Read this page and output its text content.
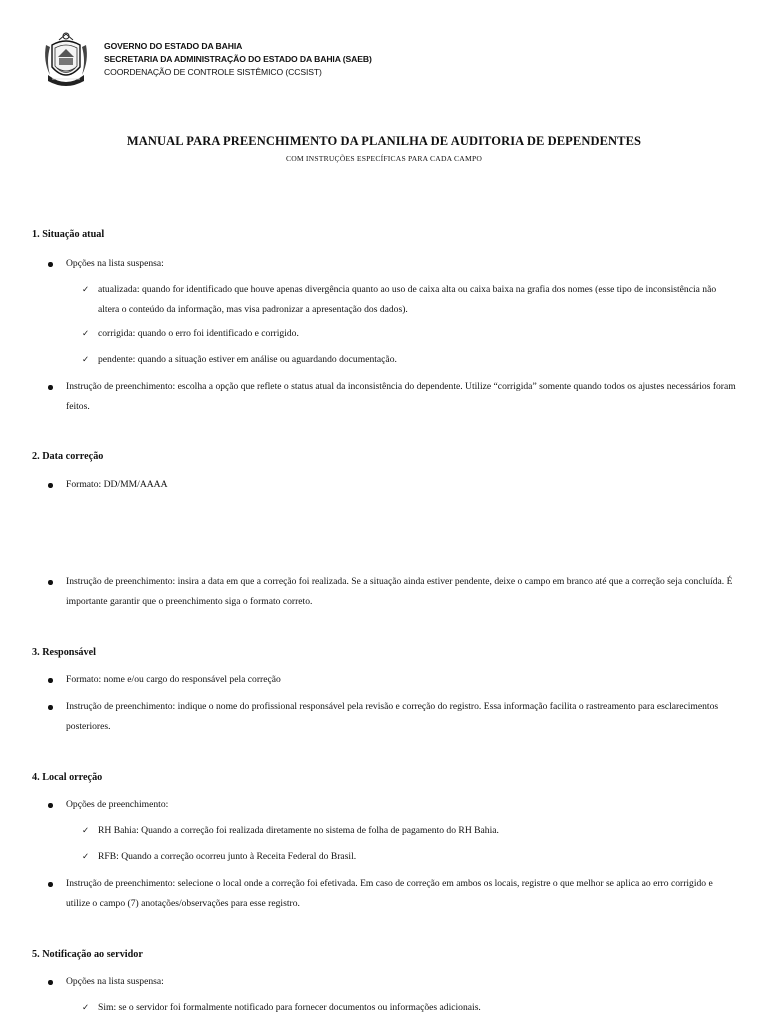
GOVERNO DO ESTADO DA BAHIA
SECRETARIA DA ADMINISTRAÇÃO DO ESTADO DA BAHIA (SAEB)
COORDENAÇÃO DE CONTROLE SISTÊMICO (CCSIST)
MANUAL PARA PREENCHIMENTO DA PLANILHA DE AUDITORIA DE DEPENDENTES
COM INSTRUÇÕES ESPECÍFICAS PARA CADA CAMPO
1. Situação atual
Opções na lista suspensa:
✓ atualizada: quando for identificado que houve apenas divergência quanto ao uso de caixa alta ou caixa baixa na grafia dos nomes (esse tipo de inconsistência não altera o conteúdo da informação, mas visa padronizar a apresentação dos dados).
✓ corrigida: quando o erro foi identificado e corrigido.
✓ pendente: quando a situação estiver em análise ou aguardando documentação.
Instrução de preenchimento: escolha a opção que reflete o status atual da inconsistência do dependente. Utilize “corrigida” somente quando todos os ajustes necessários foram feitos.
2. Data correção
Formato: DD/MM/AAAA
Instrução de preenchimento: insira a data em que a correção foi realizada. Se a situação ainda estiver pendente, deixe o campo em branco até que a correção seja concluída. É importante garantir que o preenchimento siga o formato correto.
3. Responsável
Formato: nome e/ou cargo do responsável pela correção
Instrução de preenchimento: indique o nome do profissional responsável pela revisão e correção do registro. Essa informação facilita o rastreamento para esclarecimentos posteriores.
4. Local orreção
Opções de preenchimento:
✓ RH Bahia: Quando a correção foi realizada diretamente no sistema de folha de pagamento do RH Bahia.
✓ RFB: Quando a correção ocorreu junto à Receita Federal do Brasil.
Instrução de preenchimento: selecione o local onde a correção foi efetivada. Em caso de correção em ambos os locais, registre o que melhor se aplica ao erro corrigido e utilize o campo (7) anotações/observações para esse registro.
5. Notificação ao servidor
Opções na lista suspensa:
✓ Sim: se o servidor foi formalmente notificado para fornecer documentos ou informações adicionais.
